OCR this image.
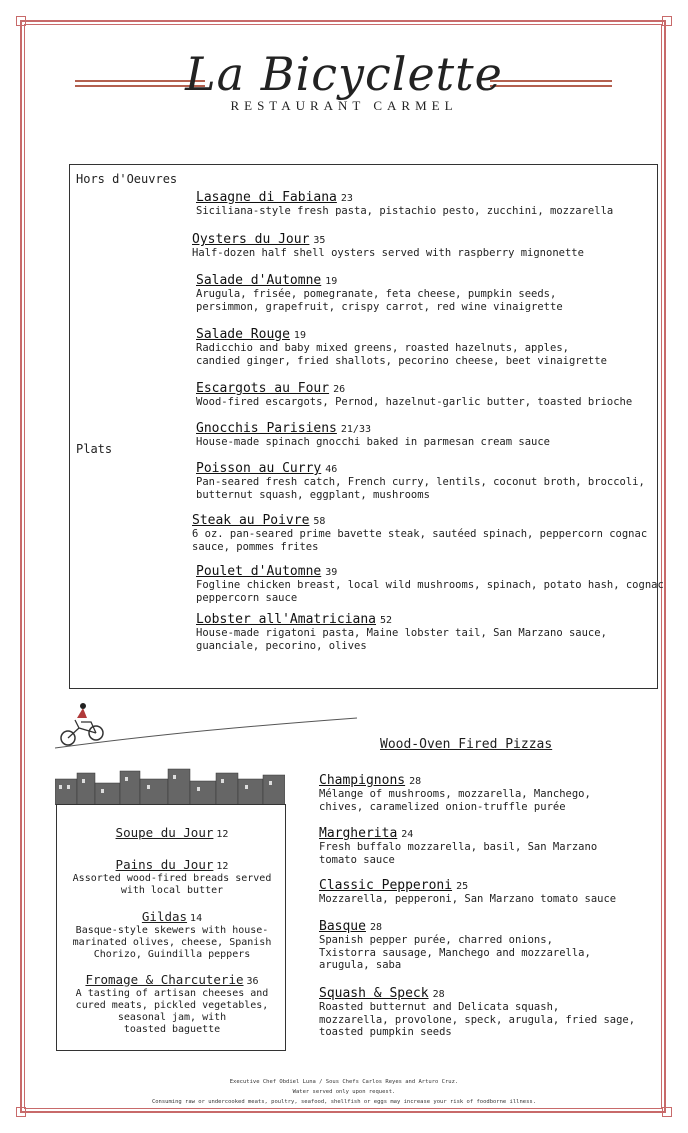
La Bicyclette
RESTAURANT CARMEL
Hors d'Oeuvres
Plats
Lasagne di Fabiana 23
Siciliana-style fresh pasta, pistachio pesto, zucchini, mozzarella
Oysters du Jour 35
Half-dozen half shell oysters served with raspberry mignonette
Salade d'Automne 19
Arugula, frisée, pomegranate, feta cheese, pumpkin seeds,
persimmon, grapefruit, crispy carrot, red wine vinaigrette
Salade Rouge 19
Radicchio and baby mixed greens, roasted hazelnuts, apples,
candied ginger, fried shallots, pecorino cheese, beet vinaigrette
Escargots au Four 26
Wood-fired escargots, Pernod, hazelnut-garlic butter, toasted brioche
Gnocchis Parisiens 21/33
House-made spinach gnocchi baked in parmesan cream sauce
Poisson au Curry 46
Pan-seared fresh catch, French curry, lentils, coconut broth, broccoli,
butternut squash, eggplant, mushrooms
Steak au Poivre 58
6 oz. pan-seared prime bavette steak, sautéed spinach, peppercorn cognac
sauce, pommes frites
Poulet d'Automne 39
Fogline chicken breast, local wild mushrooms, spinach, potato hash, cognac
peppercorn sauce
Lobster all'Amatriciana 52
House-made rigatoni pasta, Maine lobster tail, San Marzano sauce,
guanciale, pecorino, olives
Wood-Oven Fired Pizzas
Soupe du Jour 12
Pains du Jour 12
Assorted wood-fired breads served
with local butter
Gildas 14
Basque-style skewers with house-
marinated olives, cheese, Spanish
Chorizo, Guindilla peppers
Fromage & Charcuterie 36
A tasting of artisan cheeses and
cured meats, pickled vegetables,
seasonal jam, with
toasted baguette
Champignons 28
Mélange of mushrooms, mozzarella, Manchego,
chives, caramelized onion-truffle purée
Margherita 24
Fresh buffalo mozzarella, basil, San Marzano
tomato sauce
Classic Pepperoni 25
Mozzarella, pepperoni, San Marzano tomato sauce
Basque 28
Spanish pepper purée, charred onions,
Txistorra sausage, Manchego and mozzarella,
arugula, saba
Squash & Speck 28
Roasted butternut and Delicata squash,
mozzarella, provolone, speck, arugula, fried sage,
toasted pumpkin seeds
Executive Chef Obdiel Luna / Sous Chefs Carlos Reyes and Arturo Cruz.
Water served only upon request.
Consuming raw or undercooked meats, poultry, seafood, shellfish or eggs may increase your risk of foodborne illness.
